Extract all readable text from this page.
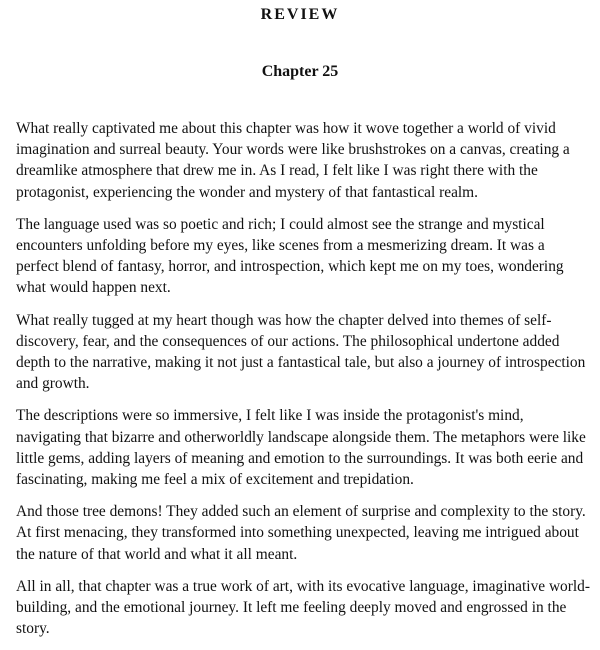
REVIEW
Chapter 25

What really captivated me about this chapter was how it wove together a world of vivid imagination and surreal beauty. Your words were like brushstrokes on a canvas, creating a dreamlike atmosphere that drew me in. As I read, I felt like I was right there with the protagonist, experiencing the wonder and mystery of that fantastical realm.

The language used was so poetic and rich; I could almost see the strange and mystical encounters unfolding before my eyes, like scenes from a mesmerizing dream. It was a perfect blend of fantasy, horror, and introspection, which kept me on my toes, wondering what would happen next.

What really tugged at my heart though was how the chapter delved into themes of self-discovery, fear, and the consequences of our actions. The philosophical undertone added depth to the narrative, making it not just a fantastical tale, but also a journey of introspection and growth.

The descriptions were so immersive, I felt like I was inside the protagonist's mind, navigating that bizarre and otherworldly landscape alongside them. The metaphors were like little gems, adding layers of meaning and emotion to the surroundings. It was both eerie and fascinating, making me feel a mix of excitement and trepidation.

And those tree demons! They added such an element of surprise and complexity to the story. At first menacing, they transformed into something unexpected, leaving me intrigued about the nature of that world and what it all meant.

All in all, that chapter was a true work of art, with its evocative language, imaginative world-building, and the emotional journey. It left me feeling deeply moved and engrossed in the story.
